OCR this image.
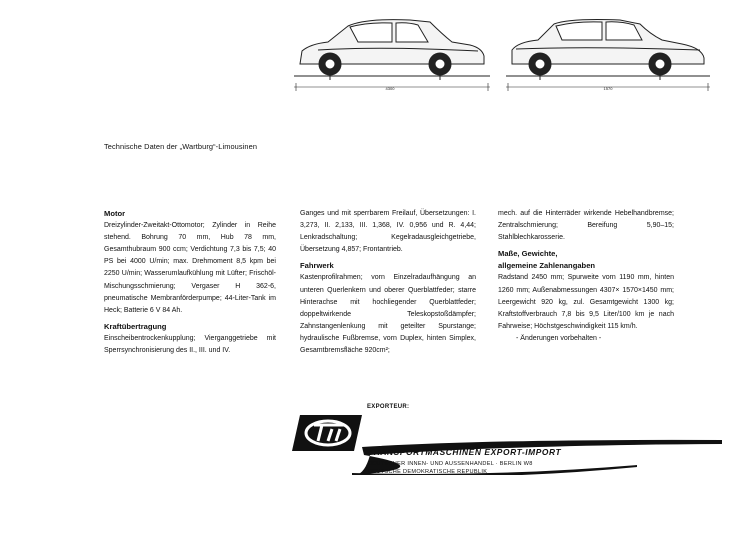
4300	1570
Technische Daten der „Wartburg“-Limousinen
Motor

Dreizylinder-Zweitakt-Ottomotor; Zylinder in Reihe stehend. Bohrung 70 mm, Hub 78 mm, Gesamthubraum 900 ccm; Verdichtung 7,3 bis 7,5; 40 PS bei 4000 U/min; max. Drehmoment 8,5 kpm bei 2250 U/min; Wasserumlaufkühlung mit Lüfter; Frischöl-Mischungsschmierung; Vergaser H 362-6, pneumatische Membranförderpumpe; 44-Liter-Tank im Heck; Batterie 6 V 84 Ah.

Kraftübertragung

Einscheibentrockenkupplung; Vierganggetriebe mit Sperrsynchronisierung des II., III. und IV.

Ganges und mit sperrbarem Freilauf, Übersetzungen: I. 3,273, II. 2,133, III. 1,368, IV. 0,956 und R. 4,44; Lenkradschaltung; Kegelradausgleichgetriebe, Übersetzung 4,857; Frontantrieb.

Fahrwerk

Kastenprofilrahmen; vorn Einzelradaufhängung an unteren Querlenkern und oberer Querblattfeder; starre Hinterachse mit hochliegender Querblattfeder; doppeltwirkende Teleskopstoßdämpfer; Zahnstangenlenkung mit geteilter Spurstange; hydraulische Fußbremse, vorn Duplex, hinten Simplex, Gesamtbremsfläche 920cm²;

mech. auf die Hinterräder wirkende Hebelhandbremse; Zentralschmierung; Bereifung 5,90–15; Stahlblechkarosserie.

Maße, Gewichte,
allgemeine Zahlenangaben

Radstand 2450 mm; Spurweite vorn 1190 mm, hinten 1260 mm; Außenabmessungen 4307× 1570×1450 mm; Leergewicht 920 kg, zul. Gesamtgewicht 1300 kg; Kraftstoffverbrauch 7,8 bis 9,5 Liter/100 km je nach Fahrweise; Höchstgeschwindigkeit 115 km/h.

- Änderungen vorbehalten -

EXPORTEUR:
TRANSPORTMASCHINEN EXPORT-IMPORT
DEUTSCHER INNEN- UND AUSSENHANDEL · BERLIN W8
DEUTSCHE DEMOKRATISCHE REPUBLIK
